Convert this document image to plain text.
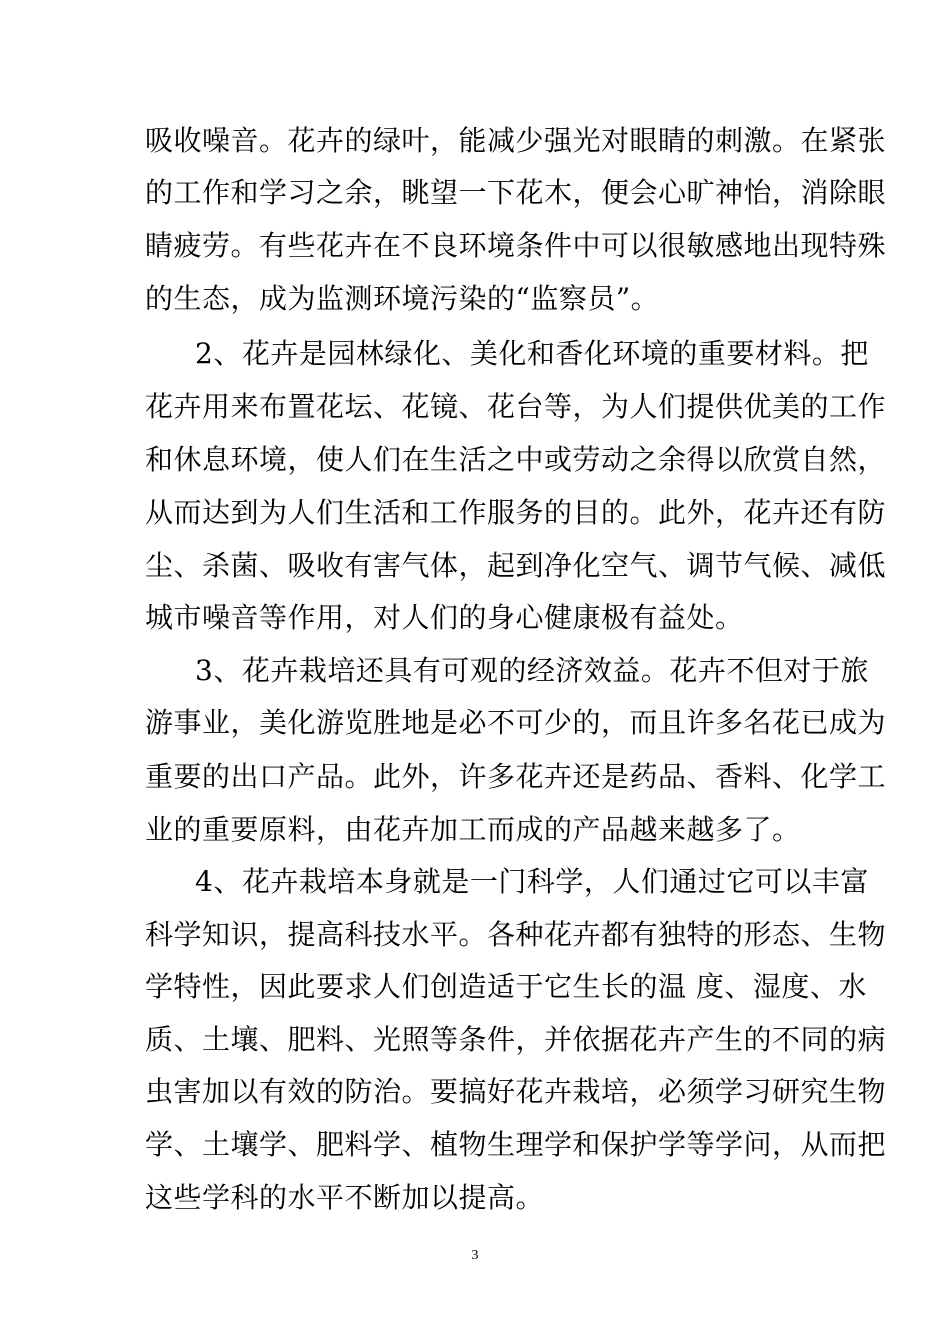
吸收噪音。花卉的绿叶，能减少强光对眼睛的刺激。在紧张
的工作和学习之余，眺望一下花木，便会心旷神怡，消除眼
睛疲劳。有些花卉在不良环境条件中可以很敏感地出现特殊
的生态，成为监测环境污染的“监察员”。
2、花卉是园林绿化、美化和香化环境的重要材料。把
花卉用来布置花坛、花镜、花台等，为人们提供优美的工作
和休息环境，使人们在生活之中或劳动之余得以欣赏自然，
从而达到为人们生活和工作服务的目的。此外，花卉还有防
尘、杀菌、吸收有害气体，起到净化空气、调节气候、减低
城市噪音等作用，对人们的身心健康极有益处。
3、花卉栽培还具有可观的经济效益。花卉不但对于旅
游事业，美化游览胜地是必不可少的，而且许多名花已成为
重要的出口产品。此外，许多花卉还是药品、香料、化学工
业的重要原料，由花卉加工而成的产品越来越多了。
4、花卉栽培本身就是一门科学，人们通过它可以丰富
科学知识，提高科技水平。各种花卉都有独特的形态、生物
学特性，因此要求人们创造适于它生长的温 度、湿度、水
质、土壤、肥料、光照等条件，并依据花卉产生的不同的病
虫害加以有效的防治。要搞好花卉栽培，必须学习研究生物
学、土壤学、肥料学、植物生理学和保护学等学问，从而把
这些学科的水平不断加以提高。
3
